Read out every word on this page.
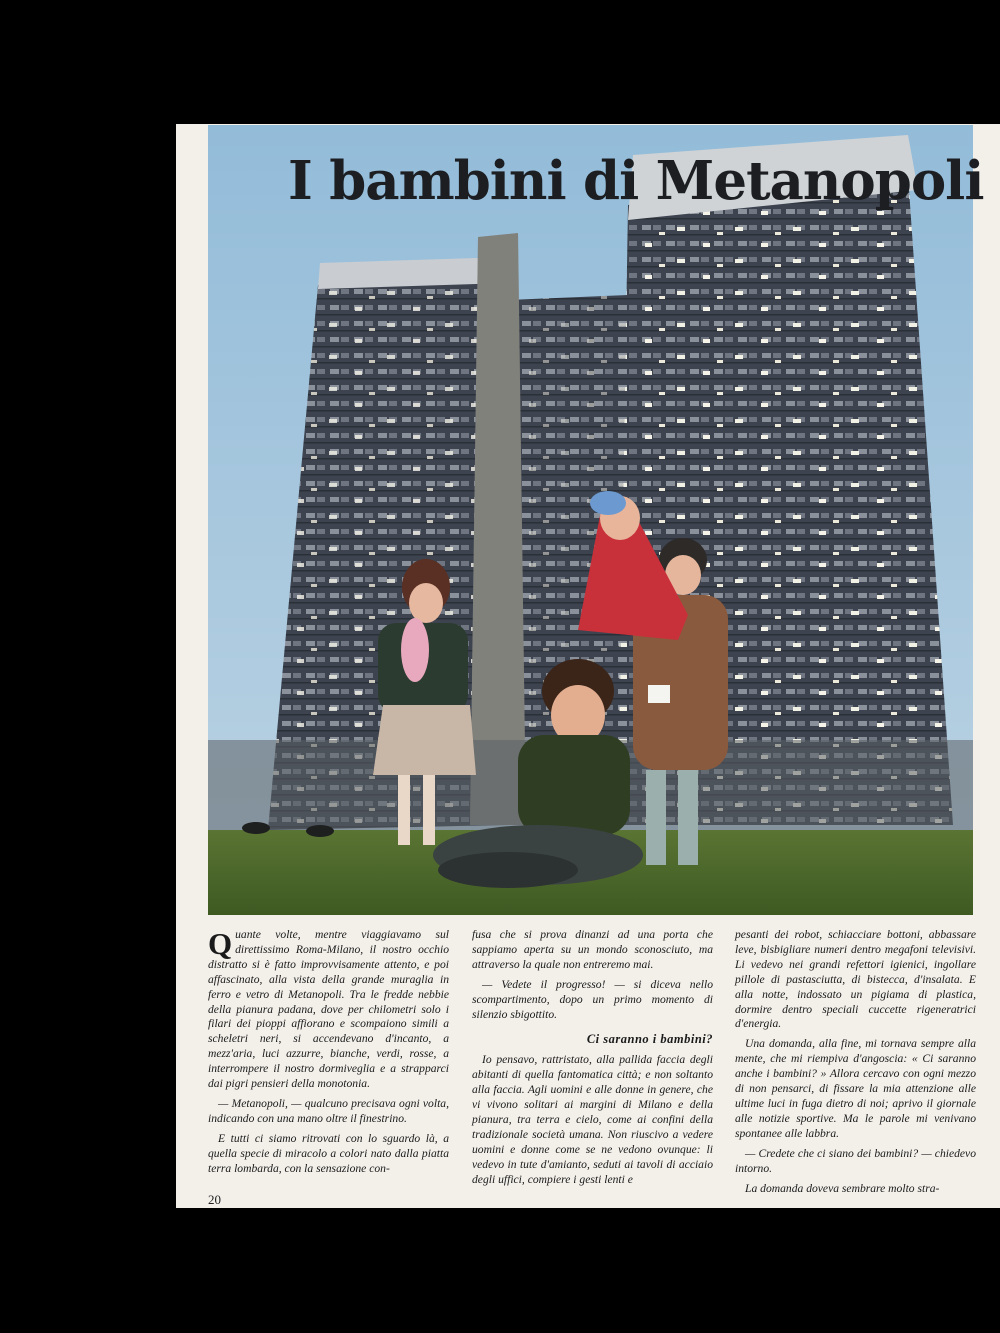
I bambini di Metanopoli

Quante volte, mentre viaggiavamo sul direttissimo Roma-Milano, il nostro occhio distratto si è fatto improvvisamente attento, e poi affascinato, alla vista della grande muraglia in ferro e vetro di Metanopoli. Tra le fredde nebbie della pianura padana, dove per chilometri solo i filari dei pioppi affiorano e scompaiono simili a scheletri neri, si accendevano d'incanto, a mezz'aria, luci azzurre, bianche, verdi, rosse, a interrompere il nostro dormiveglia e a strapparci dai pigri pensieri della monotonia.

— Metanopoli, — qualcuno precisava ogni volta, indicando con una mano oltre il finestrino.

E tutti ci siamo ritrovati con lo sguardo là, a quella specie di miracolo a colori nato dalla piatta terra lombarda, con la sensazione con-

fusa che si prova dinanzi ad una porta che sappiamo aperta su un mondo sconosciuto, ma attraverso la quale non entreremo mai.

— Vedete il progresso! — si diceva nello scompartimento, dopo un primo momento di silenzio sbigottito.

Ci saranno i bambini?

Io pensavo, rattristato, alla pallida faccia degli abitanti di quella fantomatica città; e non soltanto alla faccia. Agli uomini e alle donne in genere, che vi vivono solitari ai margini di Milano e della pianura, tra terra e cielo, come ai confini della tradizionale società umana. Non riuscivo a vedere uomini e donne come se ne vedono ovunque: li vedevo in tute d'amianto, seduti ai tavoli di acciaio degli uffici, compiere i gesti lenti e

pesanti dei robot, schiacciare bottoni, abbassare leve, bisbigliare numeri dentro megafoni televisivi. Li vedevo nei grandi refettori igienici, ingollare pillole di pastasciutta, di bistecca, d'insalata. E alla notte, indossato un pigiama di plastica, dormire dentro speciali cuccette rigeneratrici d'energia.

Una domanda, alla fine, mi tornava sempre alla mente, che mi riempiva d'angoscia: « Ci saranno anche i bambini? » Allora cercavo con ogni mezzo di non pensarci, di fissare la mia attenzione alle ultime luci in fuga dietro di noi; aprivo il giornale alle notizie sportive. Ma le parole mi venivano spontanee alle labbra.

— Credete che ci siano dei bambini? — chiedevo intorno.

La domanda doveva sembrare molto stra-

20
